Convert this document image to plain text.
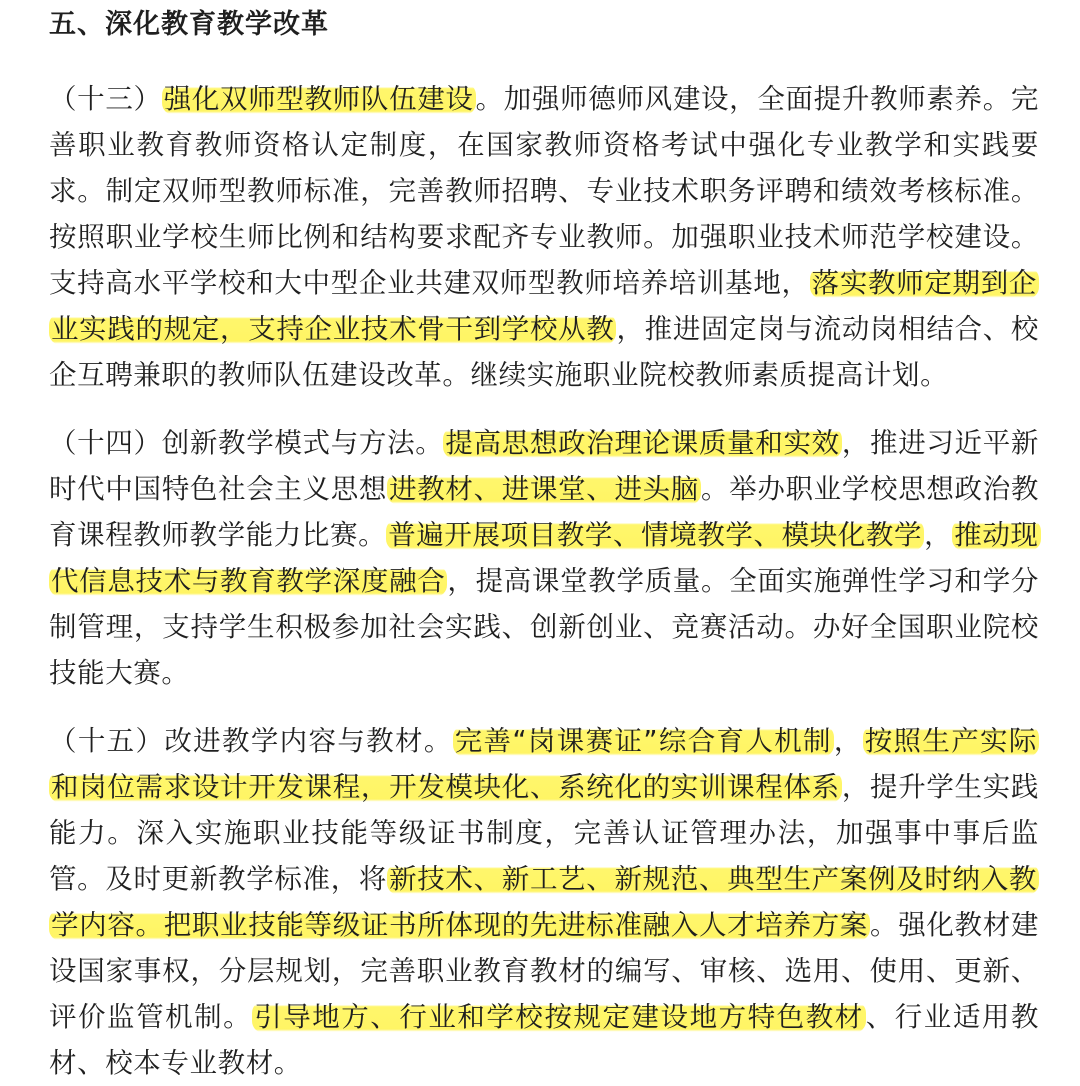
五、深化教育教学改革

（十三）强化双师型教师队伍建设。加强师德师风建设，全面提升教师素养。完善职业教育教师资格认定制度，在国家教师资格考试中强化专业教学和实践要求。制定双师型教师标准，完善教师招聘、专业技术职务评聘和绩效考核标准。按照职业学校生师比例和结构要求配齐专业教师。加强职业技术师范学校建设。支持高水平学校和大中型企业共建双师型教师培养培训基地，落实教师定期到企业实践的规定，支持企业技术骨干到学校从教，推进固定岗与流动岗相结合、校企互聘兼职的教师队伍建设改革。继续实施职业院校教师素质提高计划。

（十四）创新教学模式与方法。提高思想政治理论课质量和实效，推进习近平新时代中国特色社会主义思想进教材、进课堂、进头脑。举办职业学校思想政治教育课程教师教学能力比赛。普遍开展项目教学、情境教学、模块化教学，推动现代信息技术与教育教学深度融合，提高课堂教学质量。全面实施弹性学习和学分制管理，支持学生积极参加社会实践、创新创业、竞赛活动。办好全国职业院校技能大赛。

（十五）改进教学内容与教材。完善“岗课赛证”综合育人机制，按照生产实际和岗位需求设计开发课程，开发模块化、系统化的实训课程体系，提升学生实践能力。深入实施职业技能等级证书制度，完善认证管理办法，加强事中事后监管。及时更新教学标准，将新技术、新工艺、新规范、典型生产案例及时纳入教学内容。把职业技能等级证书所体现的先进标准融入人才培养方案。强化教材建设国家事权，分层规划，完善职业教育教材的编写、审核、选用、使用、更新、评价监管机制。引导地方、行业和学校按规定建设地方特色教材、行业适用教材、校本专业教材。
